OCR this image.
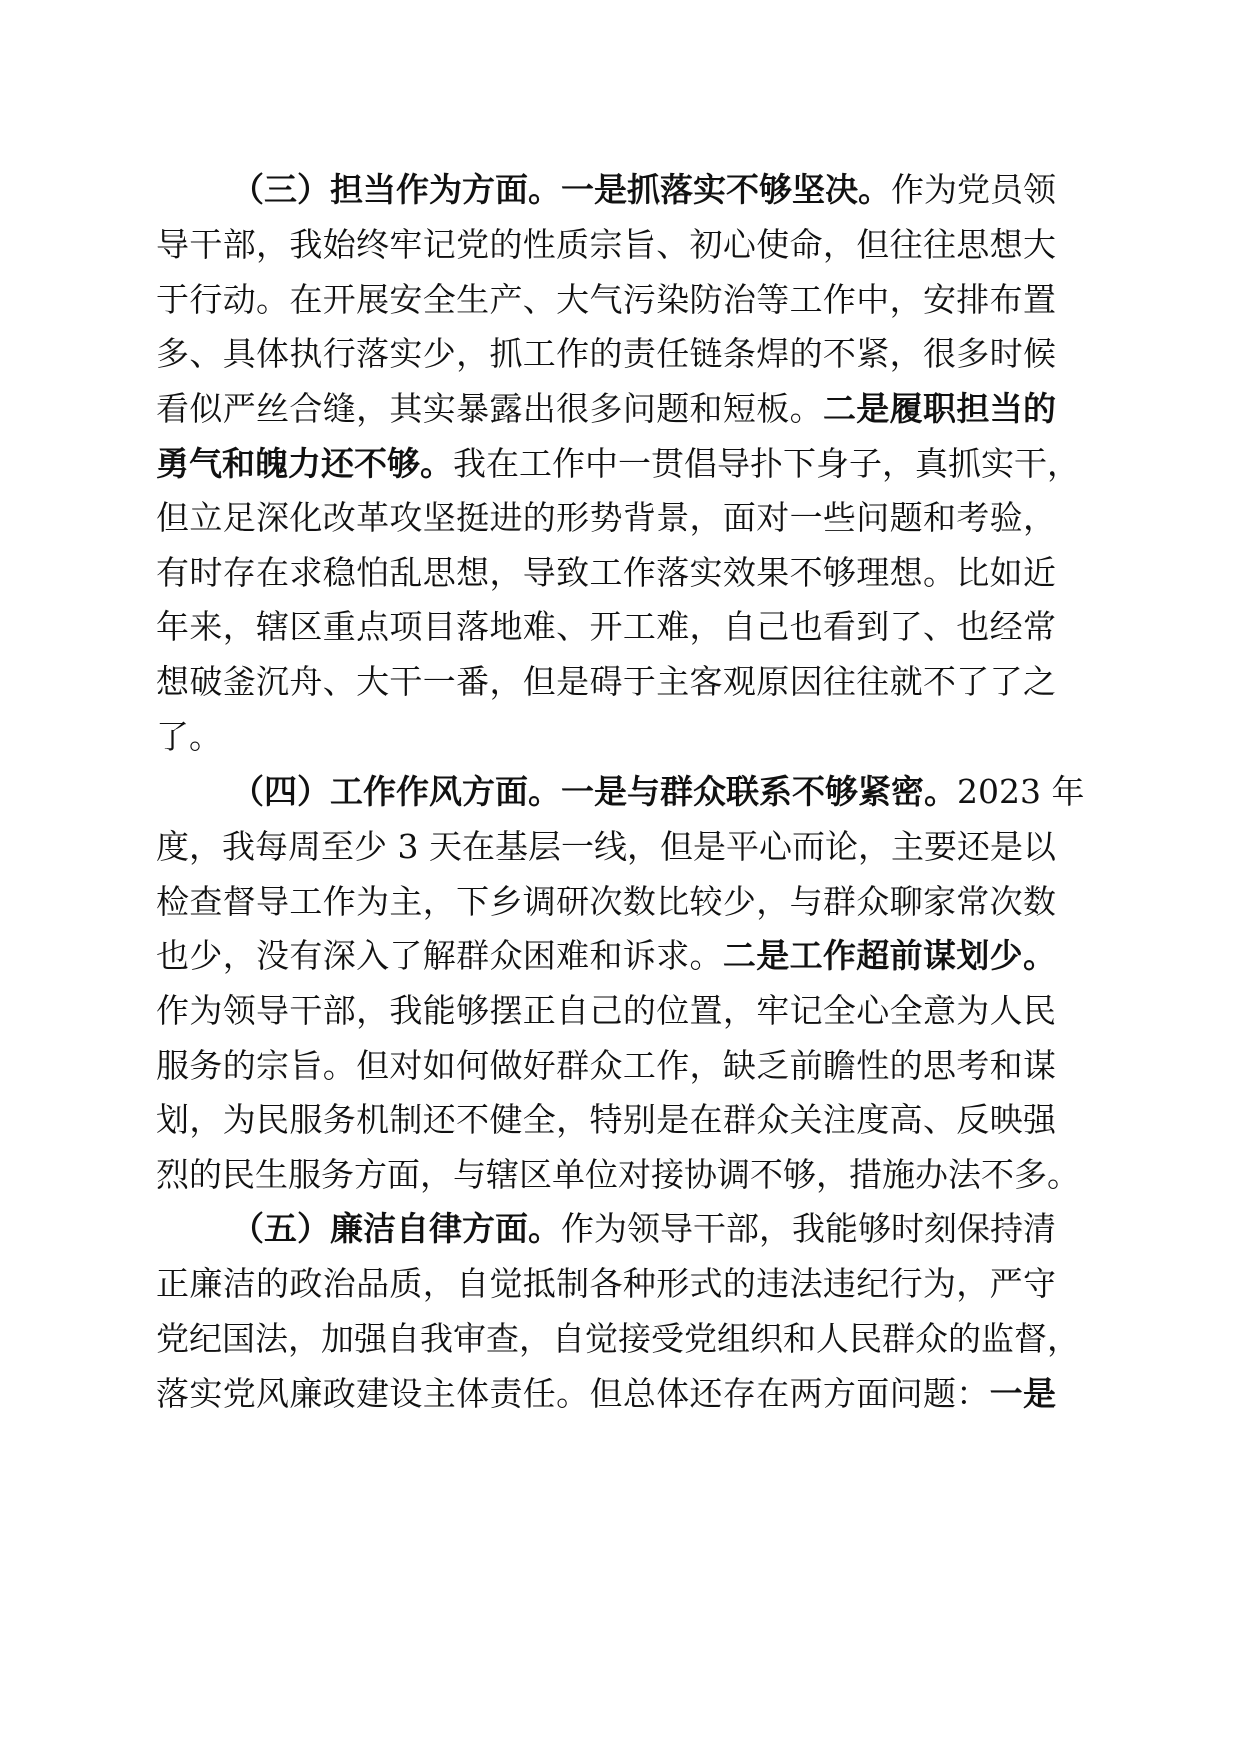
（三）担当作为方面。一是抓落实不够坚决。作为党员领
导干部，我始终牢记党的性质宗旨、初心使命，但往往思想大
于行动。在开展安全生产、大气污染防治等工作中，安排布置
多、具体执行落实少，抓工作的责任链条焊的不紧，很多时候
看似严丝合缝，其实暴露出很多问题和短板。二是履职担当的
勇气和魄力还不够。我在工作中一贯倡导扑下身子，真抓实干，
但立足深化改革攻坚挺进的形势背景，面对一些问题和考验，
有时存在求稳怕乱思想，导致工作落实效果不够理想。比如近
年来，辖区重点项目落地难、开工难，自己也看到了、也经常
想破釜沉舟、大干一番，但是碍于主客观原因往往就不了了之
了。
（四）工作作风方面。一是与群众联系不够紧密。2023 年
度，我每周至少 3 天在基层一线，但是平心而论，主要还是以
检查督导工作为主，下乡调研次数比较少，与群众聊家常次数
也少，没有深入了解群众困难和诉求。二是工作超前谋划少。
作为领导干部，我能够摆正自己的位置，牢记全心全意为人民
服务的宗旨。但对如何做好群众工作，缺乏前瞻性的思考和谋
划，为民服务机制还不健全，特别是在群众关注度高、反映强
烈的民生服务方面，与辖区单位对接协调不够，措施办法不多。
（五）廉洁自律方面。作为领导干部，我能够时刻保持清
正廉洁的政治品质，自觉抵制各种形式的违法违纪行为，严守
党纪国法，加强自我审查，自觉接受党组织和人民群众的监督，
落实党风廉政建设主体责任。但总体还存在两方面问题：一是
